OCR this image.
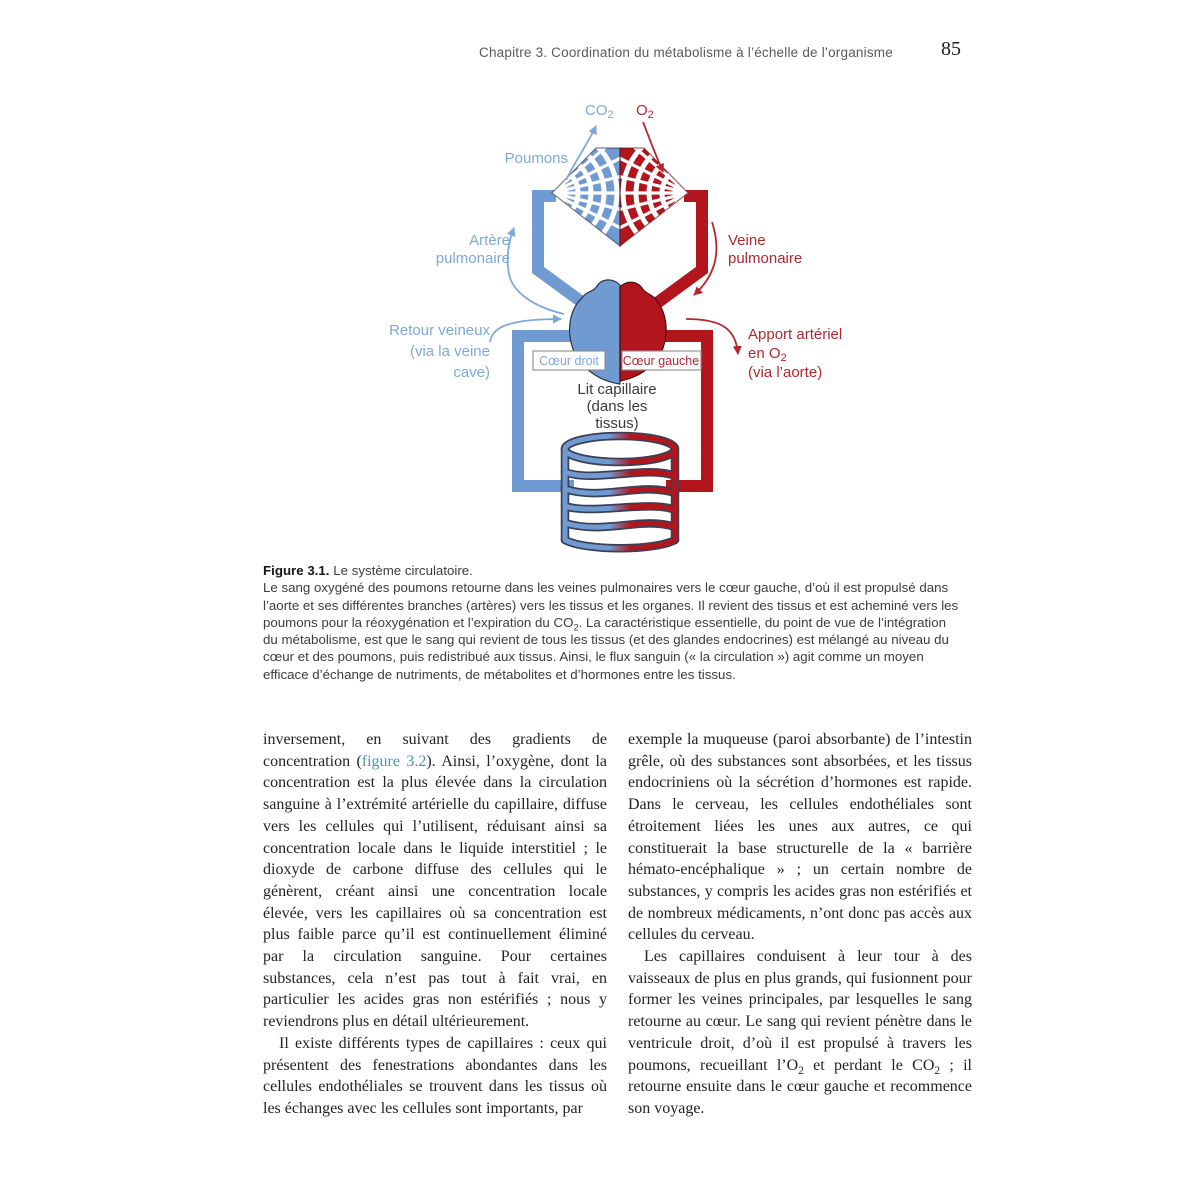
Chapitre 3. Coordination du métabolisme à l’échelle de l’organisme 85
Cœur droit Cœur gauche
$CO_2$ $O_2$
Poumons
Artère
pulmonaire
Veine
pulmonaire
Retour veineux
(via la veine
cave)
Apport artériel
en $O_2$
(via l’aorte)
Lit capillaire
(dans les
tissus)
Figure 3.1. Le système circulatoire.
Le sang oxygéné des poumons retourne dans les veines pulmonaires vers le cœur gauche, d’où il est propulsé dans l’aorte et ses différentes branches (artères) vers les tissus et les organes. Il revient des tissus et est acheminé vers les poumons pour la réoxygénation et l’expiration du $CO_2$. La caractéristique essentielle, du point de vue de l’intégration du métabolisme, est que le sang qui revient de tous les tissus (et des glandes endocrines) est mélangé au niveau du cœur et des poumons, puis redistribué aux tissus. Ainsi, le flux sanguin (« la circulation ») agit comme un moyen efficace d’échange de nutriments, de métabolites et d’hormones entre les tissus.

inversement, en suivant des gradients de concentration (figure 3.2). Ainsi, l’oxygène, dont la concentration est la plus élevée dans la circulation sanguine à l’extrémité artérielle du capillaire, diffuse vers les cellules qui l’utilisent, réduisant ainsi sa concentration locale dans le liquide interstitiel ; le dioxyde de carbone diffuse des cellules qui le génèrent, créant ainsi une concentration locale élevée, vers les capillaires où sa concentration est plus faible parce qu’il est continuellement éliminé par la circulation sanguine. Pour certaines substances, cela n’est pas tout à fait vrai, en particulier les acides gras non estérifiés ; nous y reviendrons plus en détail ultérieurement.

Il existe différents types de capillaires : ceux qui présentent des fenestrations abondantes dans les cellules endothéliales se trouvent dans les tissus où les échanges avec les cellules sont importants, par

exemple la muqueuse (paroi absorbante) de l’intestin grêle, où des substances sont absorbées, et les tissus endocriniens où la sécrétion d’hormones est rapide. Dans le cerveau, les cellules endothéliales sont étroitement liées les unes aux autres, ce qui constituerait la base structurelle de la « barrière hémato-encéphalique » ; un certain nombre de substances, y compris les acides gras non estérifiés et de nombreux médicaments, n’ont donc pas accès aux cellules du cerveau.

Les capillaires conduisent à leur tour à des vaisseaux de plus en plus grands, qui fusionnent pour former les veines principales, par lesquelles le sang retourne au cœur. Le sang qui revient pénètre dans le ventricule droit, d’où il est propulsé à travers les poumons, recueillant $l’O_2$ et perdant le $CO_2$ ; il retourne ensuite dans le cœur gauche et recommence son voyage.
